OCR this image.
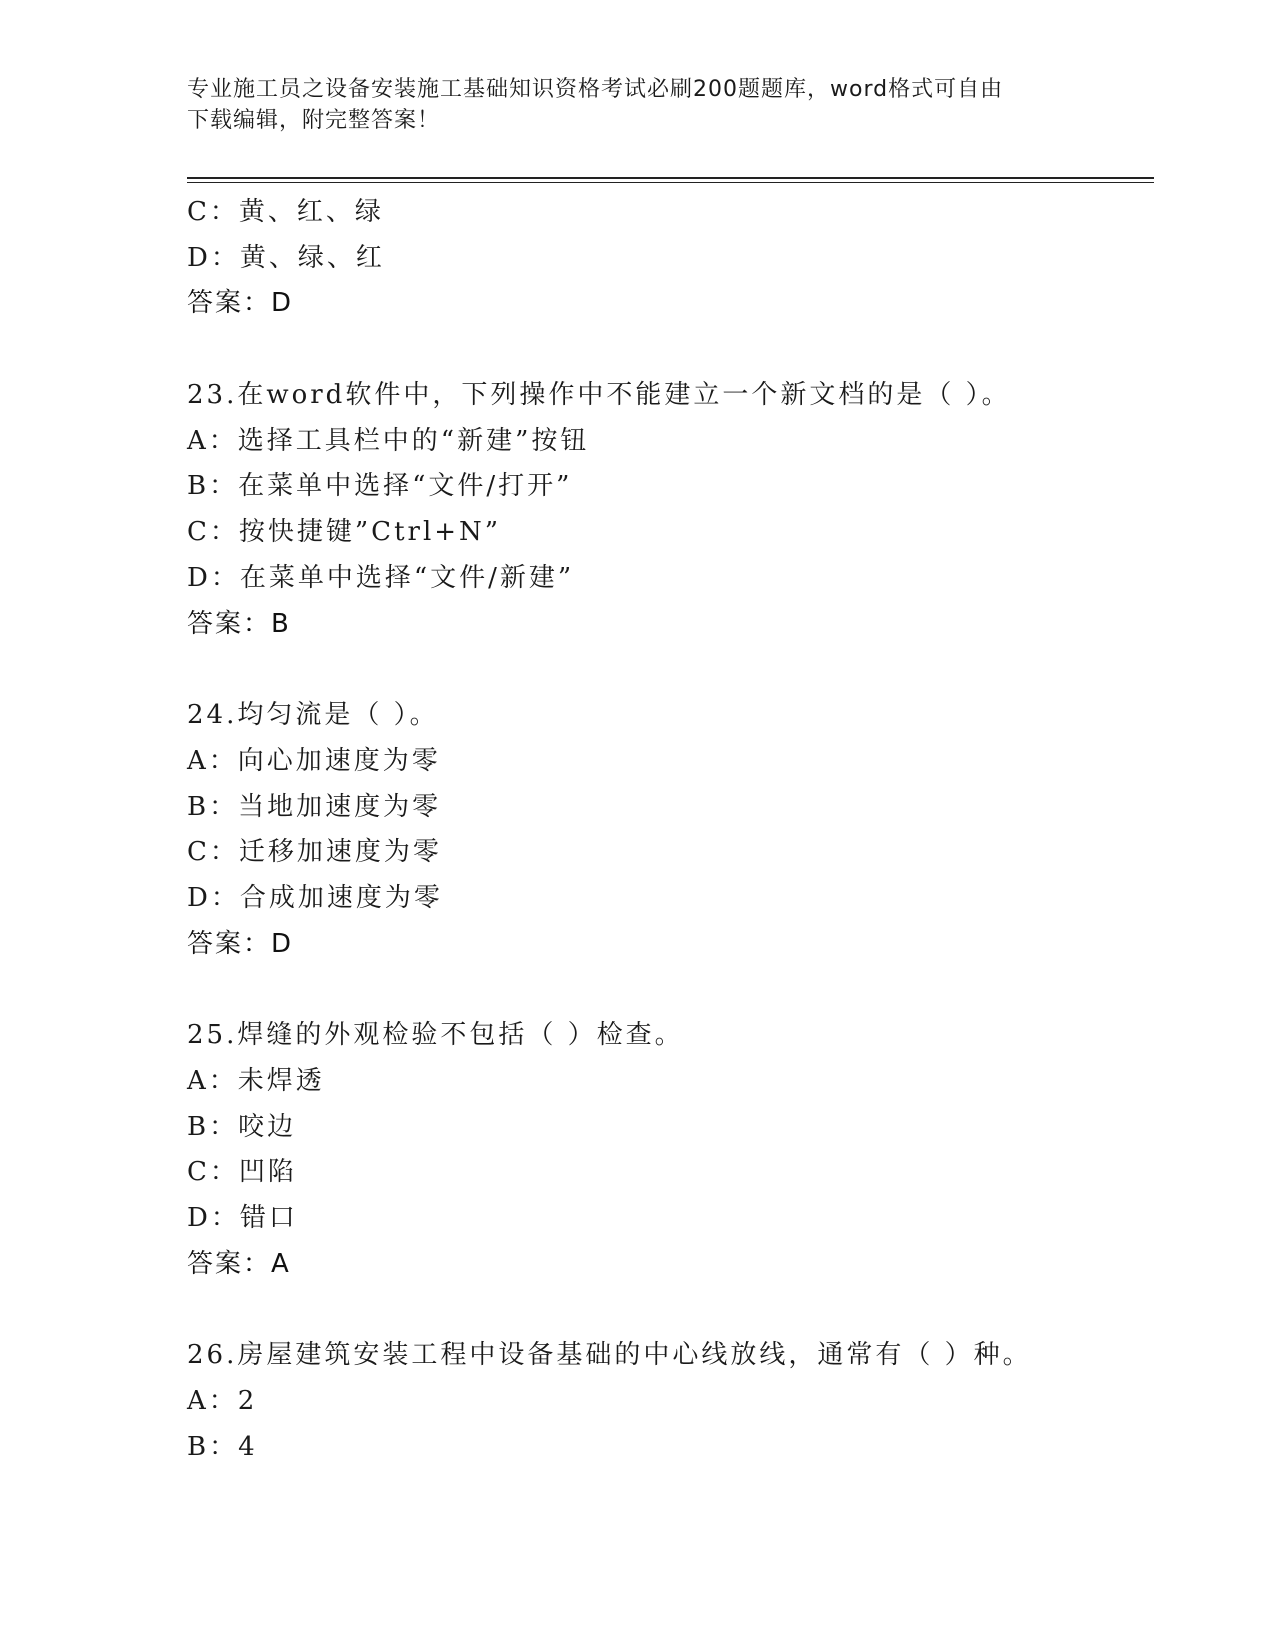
专业施工员之设备安装施工基础知识资格考试必刷200题题库，word格式可自由
下载编辑，附完整答案！
C：黄、红、绿
D：黄、绿、红
答案：D
23.在word软件中，下列操作中不能建立一个新文档的是（ ）。
A：选择工具栏中的“新建”按钮
B：在菜单中选择“文件/打开”
C：按快捷键”Ctrl+N”
D：在菜单中选择“文件/新建”
答案：B
24.均匀流是（ ）。
A：向心加速度为零
B：当地加速度为零
C：迁移加速度为零
D：合成加速度为零
答案：D
25.焊缝的外观检验不包括（ ）检查。
A：未焊透
B：咬边
C：凹陷
D：错口
答案：A
26.房屋建筑安装工程中设备基础的中心线放线，通常有（ ）种。
A：2
B：4
